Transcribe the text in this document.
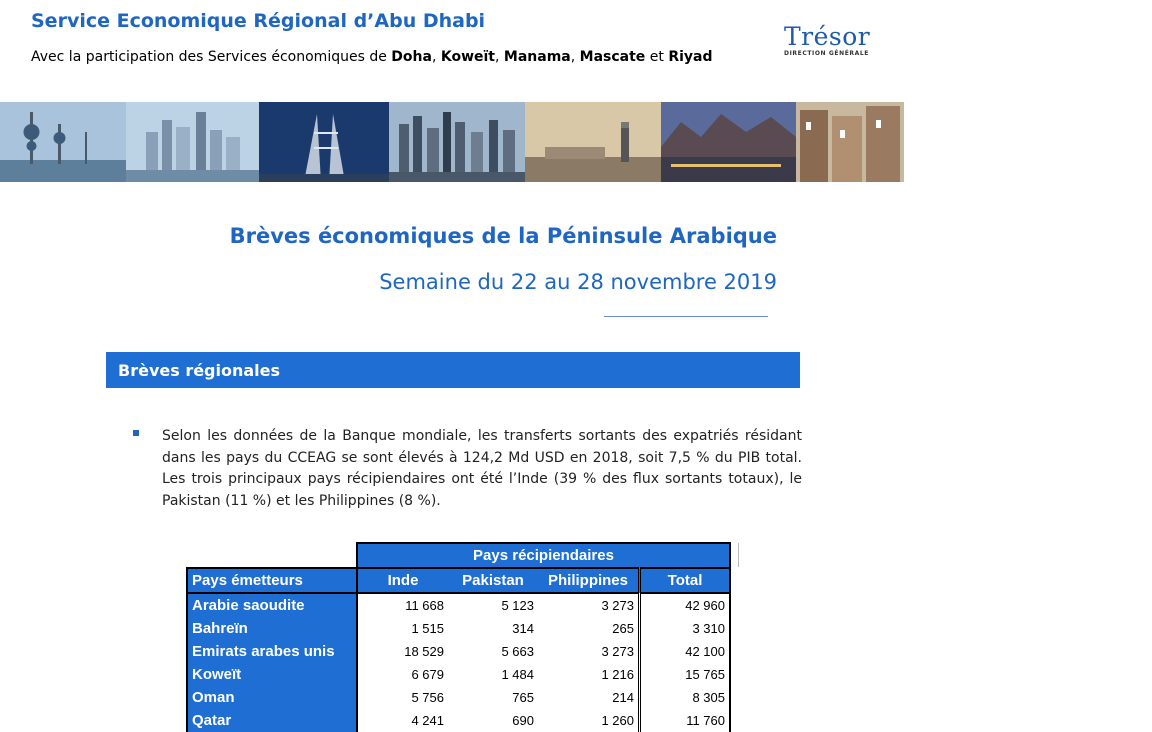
Service Economique Régional d’Abu Dhabi
Avec la participation des Services économiques de Doha, Koweït, Manama, Mascate et Riyad
Trésor
DIRECTION GÉNÉRALE
Brèves économiques de la Péninsule Arabique
Semaine du 22 au 28 novembre 2019
Brèves régionales
Selon les données de la Banque mondiale, les transferts sortants des expatriés résidant dans les pays du CCEAG se sont élevés à 124,2 Md USD en 2018, soit 7,5 % du PIB total. Les trois principaux pays récipiendaires ont été l’Inde (39 % des flux sortants totaux), le Pakistan (11 %) et les Philippines (8 %).
	Pays récipiendaires			
Pays émetteurs	Inde	Pakistan	Philippines	Total
Arabie saoudite	11 668	5 123	3 273	42 960
Bahreïn	1 515	314	265	3 310
Emirats arabes unis	18 529	5 663	3 273	42 100
Koweït	6 679	1 484	1 216	15 765
Oman	5 756	765	214	8 305
Qatar	4 241	690	1 260	11 760
